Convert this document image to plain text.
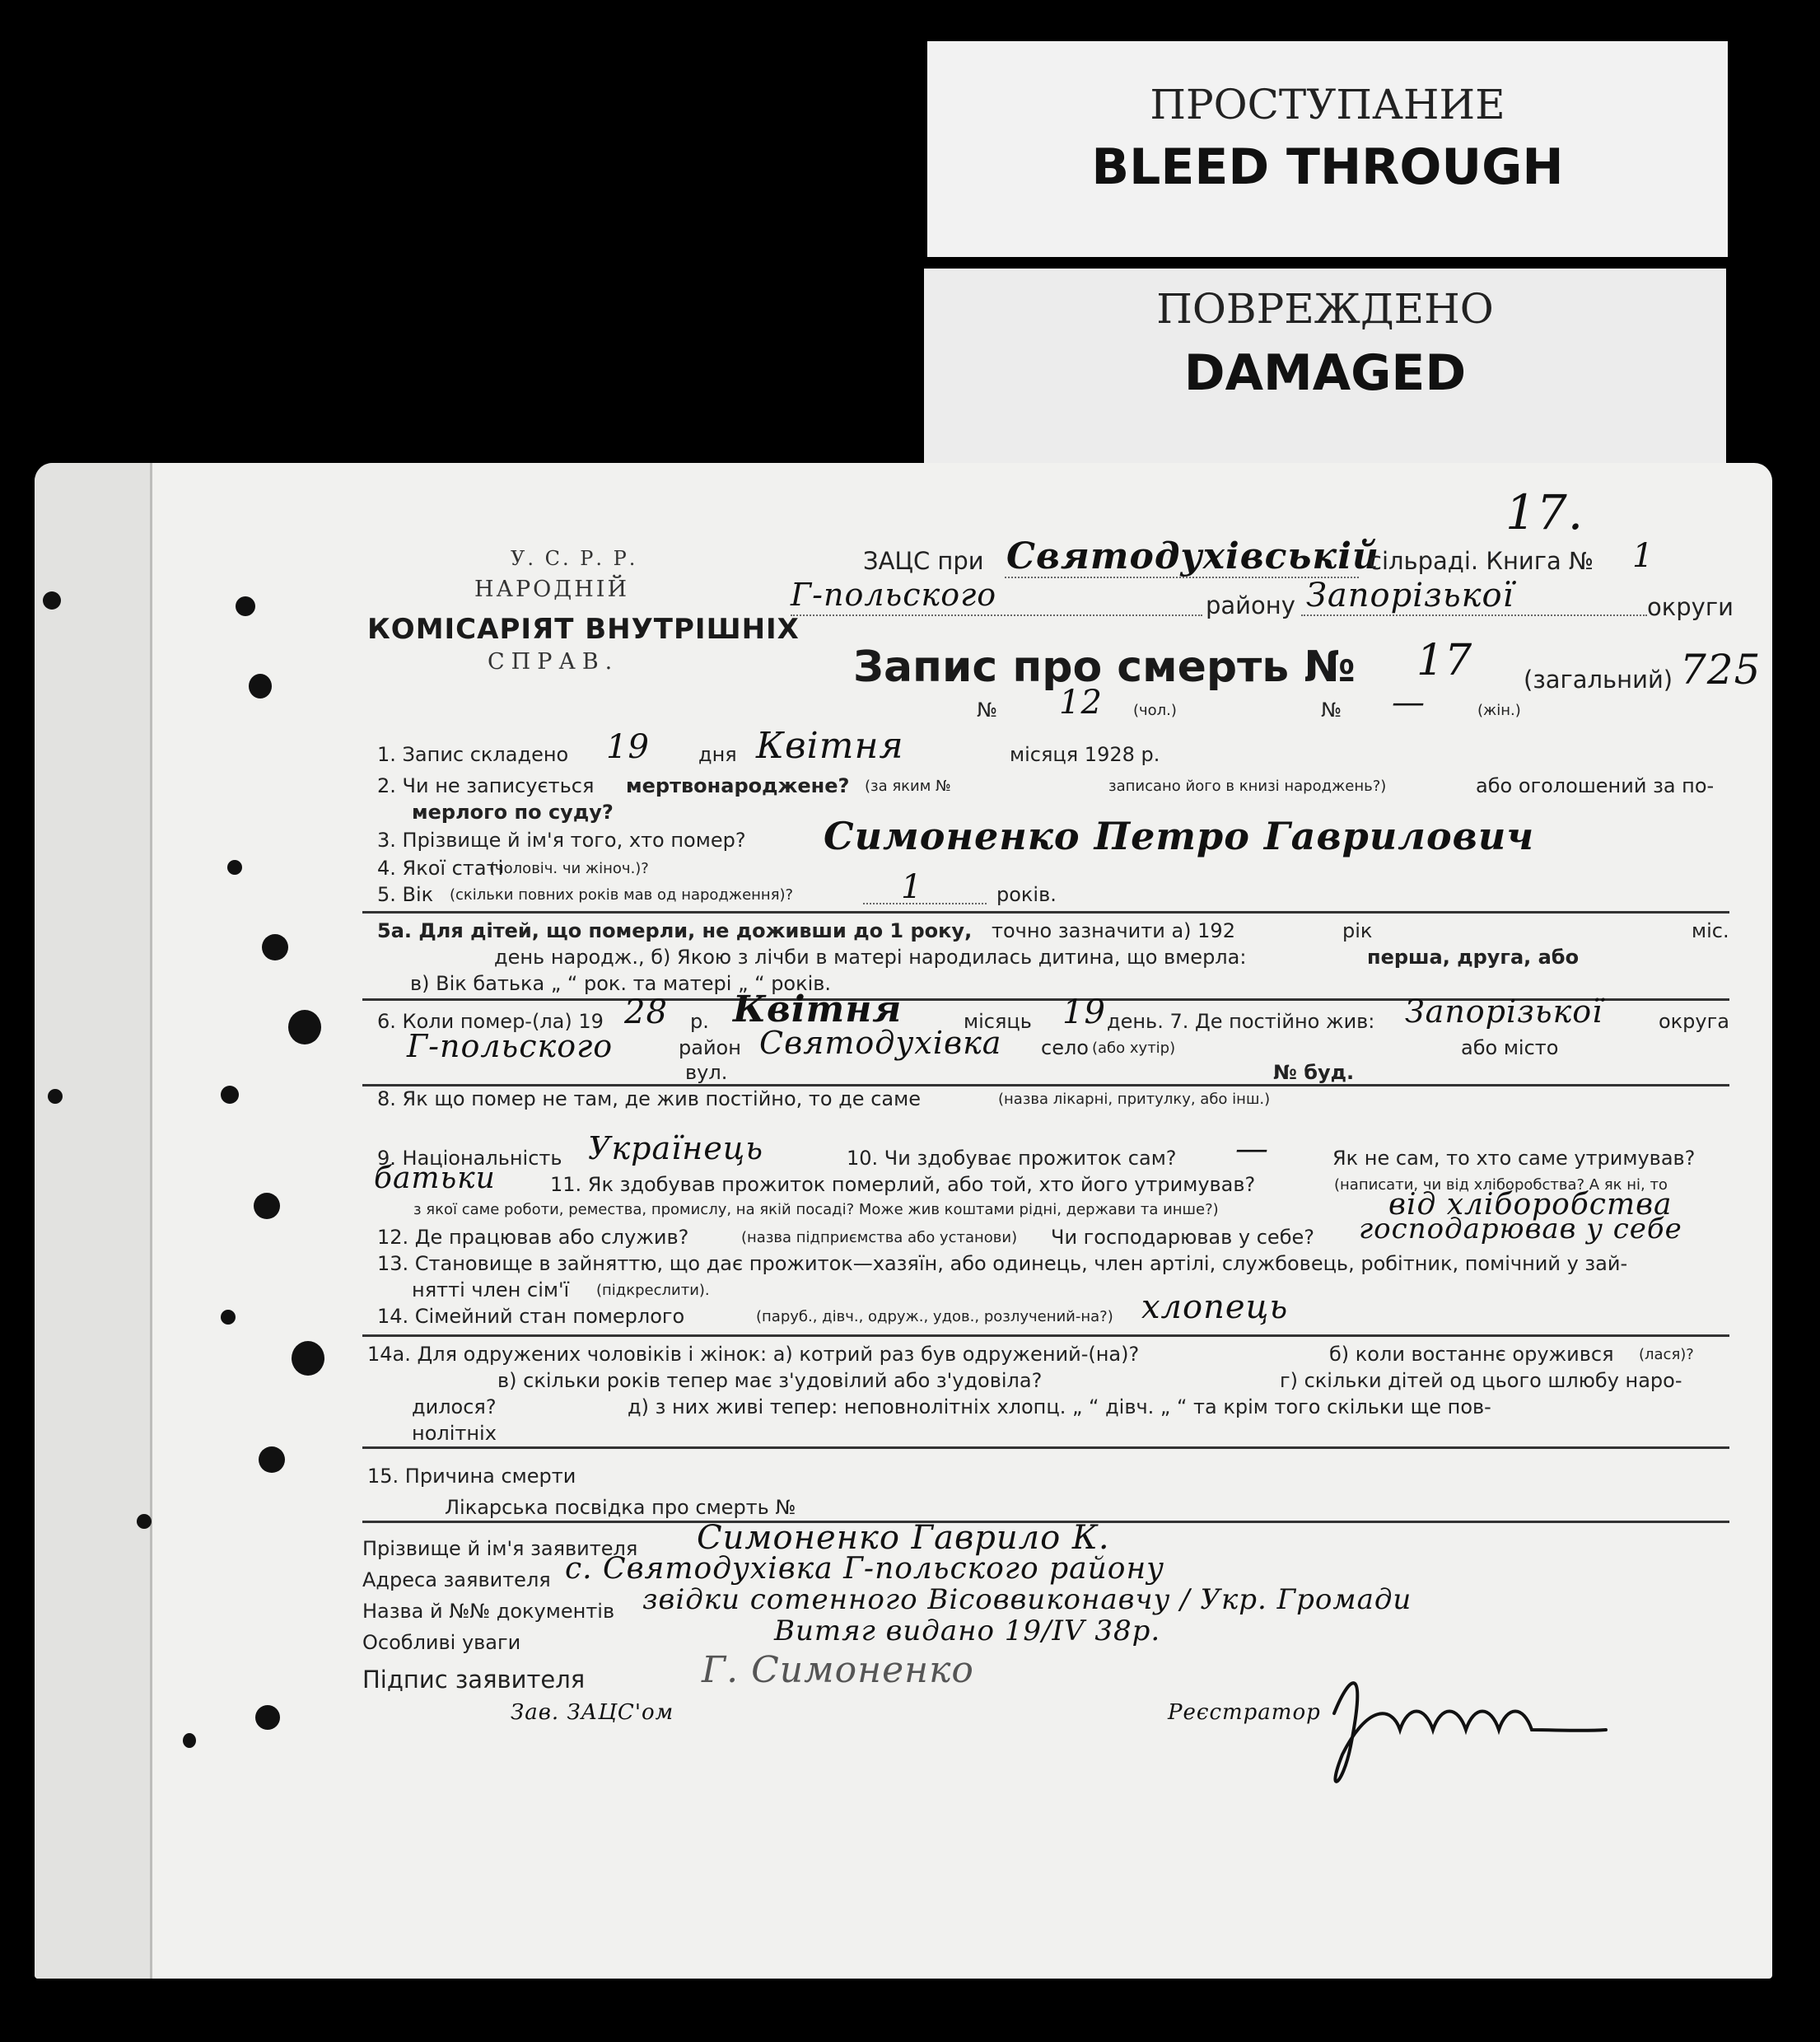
ПРОСТУПАНИЕ
BLEED THROUGH
ПОВРЕЖДЕНО
DAMAGED
17.
У. С. Р. Р.
НАРОДНІЙ
КОМІСАРІЯТ ВНУТРІШНІХ
СПРАВ.
ЗАЦС при Святодухівській
сільраді. Книга № 1
Г-польского	району Запорізької	округи
Запис про смерть № 17 (загальний) 725
№ 12 (чол.)	№ —	(жін.)
1. Запис складено 19 дня Квітня	місяця 1928 р.
2. Чи не записується мертвонароджене? (за яким №	записано його в книзі народжень?)	або оголошений за по-
мерлого по суду?
3. Прізвище й ім'я того, хто помер? Симоненко Петро Гаврилович
4. Якої статі
(чоловіч. чи жіноч.)?
5. Вік (скільки повних років мав од народження)?	1	років.
5а. Для дітей, що померли, не доживши до 1 року, точно зазначити а) 192	рік	міс.
день народж., б) Якою з лічби в матері народилась дитина, що вмерла:	перша, друга, або
в) Вік батька „ “ рок. та матері „ “ років.
6. Коли помер-(ла) 19 28 р. Квітня	місяць 19 день. 7. Де постійно жив: Запорізької	округа
Г-польского	район Святодухівка село (або хутір)	або місто
вул.	№ буд.
8. Як що помер не там, де жив постійно, то де саме	(назва лікарні, притулку, або інш.)
9. Національність Українець	10. Чи здобуває прожиток сам? —	Як не сам, то хто саме утримував?
батьки	11. Як здобував прожиток померлий, або той, хто його утримував?	(написати, чи від хліборобства? А як ні, то
з якої саме роботи, ремества, промислу, на якій посаді? Може жив коштами рідні, держави та инше?)	від хліборобства
12. Де працював або служив?	(назва підприємства або установи) Чи господарював у себе? господарював у себе
13. Становище в зайняттю, що дає прожиток—хазяїн, або одинець, член артілі, службовець, робітник, помічний у зай-
нятті член сім'ї (підкреслити).
14. Сімейний стан померлого	(паруб., дівч., одруж., удов., розлучений-на?) хлопець
14а. Для одружених чоловіків і жінок: а) котрий раз був одружений-(на)?	б) коли востаннє оружився (лася)?
в) скільки років тепер має з'удовілий або з'удовіла?	г) скільки дітей од цього шлюбу наро-
дилося?	д) з них живі тепер: неповнолітніх хлопц. „ “ дівч. „ “ та крім того скільки ще пов-
нолітніх
15. Причина смерти
Лікарська посвідка про смерть №
Прізвище й ім'я заявителя Симоненко Гаврило К.
Адреса заявителя с. Святодухівка Г-польского району
Назва й №№ документів звідки сотенного Вісоввиконавчу / Укр. Громади
Особливі уваги	Витяг видано 19/IV 38р.
Підпис заявителя	Г. Симоненко
Зав. ЗАЦС'ом	Реєстратор
